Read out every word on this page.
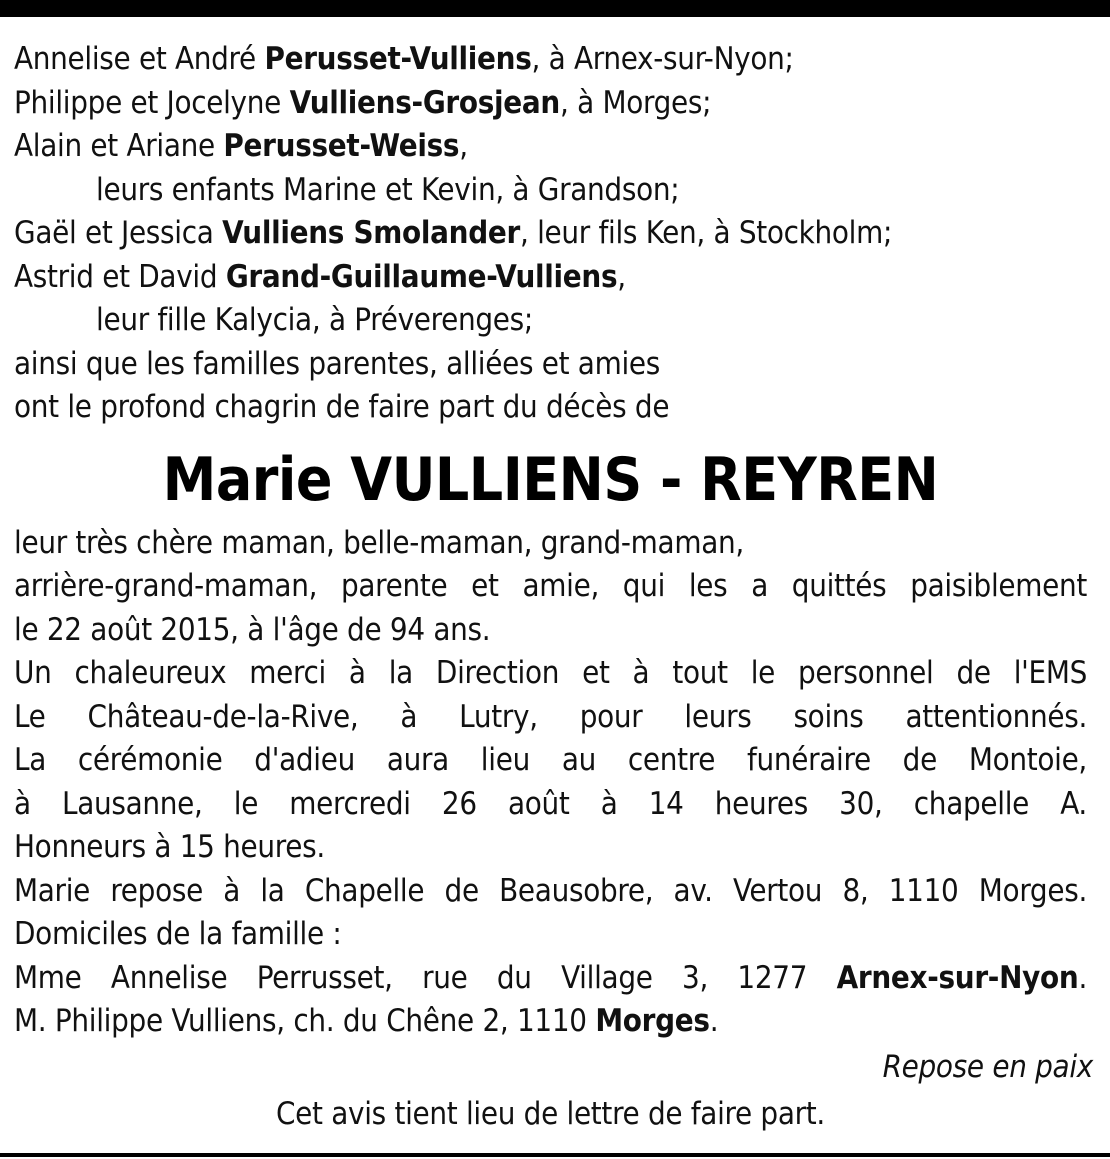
Annelise et André Perusset-Vulliens, à Arnex-sur-Nyon;
Philippe et Jocelyne Vulliens-Grosjean, à Morges;
Alain et Ariane Perusset-Weiss,
leurs enfants Marine et Kevin, à Grandson;
Gaël et Jessica Vulliens Smolander, leur fils Ken, à Stockholm;
Astrid et David Grand-Guillaume-Vulliens,
leur fille Kalycia, à Préverenges;
ainsi que les familles parentes, alliées et amies
ont le profond chagrin de faire part du décès de
Marie VULLIENS - REYREN
leur très chère maman, belle-maman, grand-maman,
arrière-grand-maman, parente et amie, qui les a quittés paisiblement
le 22 août 2015, à l'âge de 94 ans.
Un chaleureux merci à la Direction et à tout le personnel de l'EMS
Le Château-de-la-Rive, à Lutry, pour leurs soins attentionnés.
La cérémonie d'adieu aura lieu au centre funéraire de Montoie,
à Lausanne, le mercredi 26 août à 14 heures 30, chapelle A.
Honneurs à 15 heures.
Marie repose à la Chapelle de Beausobre, av. Vertou 8, 1110 Morges.
Domiciles de la famille :
Mme Annelise Perrusset, rue du Village 3, 1277 Arnex-sur-Nyon.
M. Philippe Vulliens, ch. du Chêne 2, 1110 Morges.
Repose en paix
Cet avis tient lieu de lettre de faire part.
